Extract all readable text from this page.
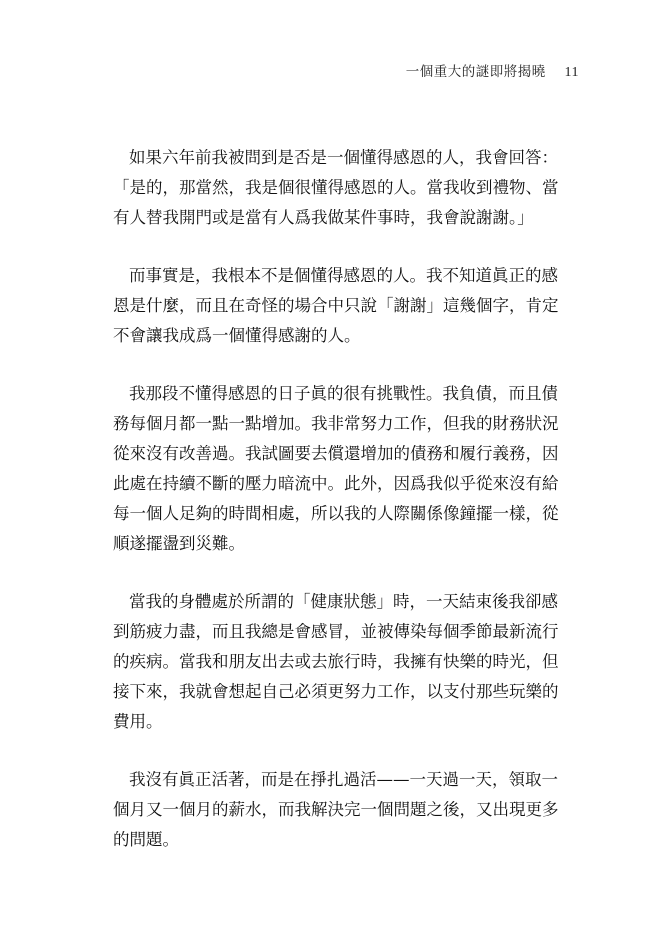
一個重大的謎即將揭曉 11

如果六年前我被問到是否是一個懂得感恩的人，我會回答：
「是的，那當然，我是個很懂得感恩的人。當我收到禮物、當
有人替我開門或是當有人爲我做某件事時，我會說謝謝。」

而事實是，我根本不是個懂得感恩的人。我不知道眞正的感
恩是什麼，而且在奇怪的場合中只說「謝謝」這幾個字，肯定
不會讓我成爲一個懂得感謝的人。

我那段不懂得感恩的日子眞的很有挑戰性。我負債，而且債
務每個月都一點一點增加。我非常努力工作，但我的財務狀況
從來沒有改善過。我試圖要去償還增加的債務和履行義務，因
此處在持續不斷的壓力暗流中。此外，因爲我似乎從來沒有給
每一個人足夠的時間相處，所以我的人際關係像鐘擺一樣，從
順遂擺盪到災難。

當我的身體處於所謂的「健康狀態」時，一天結束後我卻感
到筋疲力盡，而且我總是會感冒，並被傳染每個季節最新流行
的疾病。當我和朋友出去或去旅行時，我擁有快樂的時光，但
接下來，我就會想起自己必須更努力工作，以支付那些玩樂的
費用。

我沒有眞正活著，而是在掙扎過活——一天過一天，領取一
個月又一個月的薪水，而我解決完一個問題之後，又出現更多
的問題。
